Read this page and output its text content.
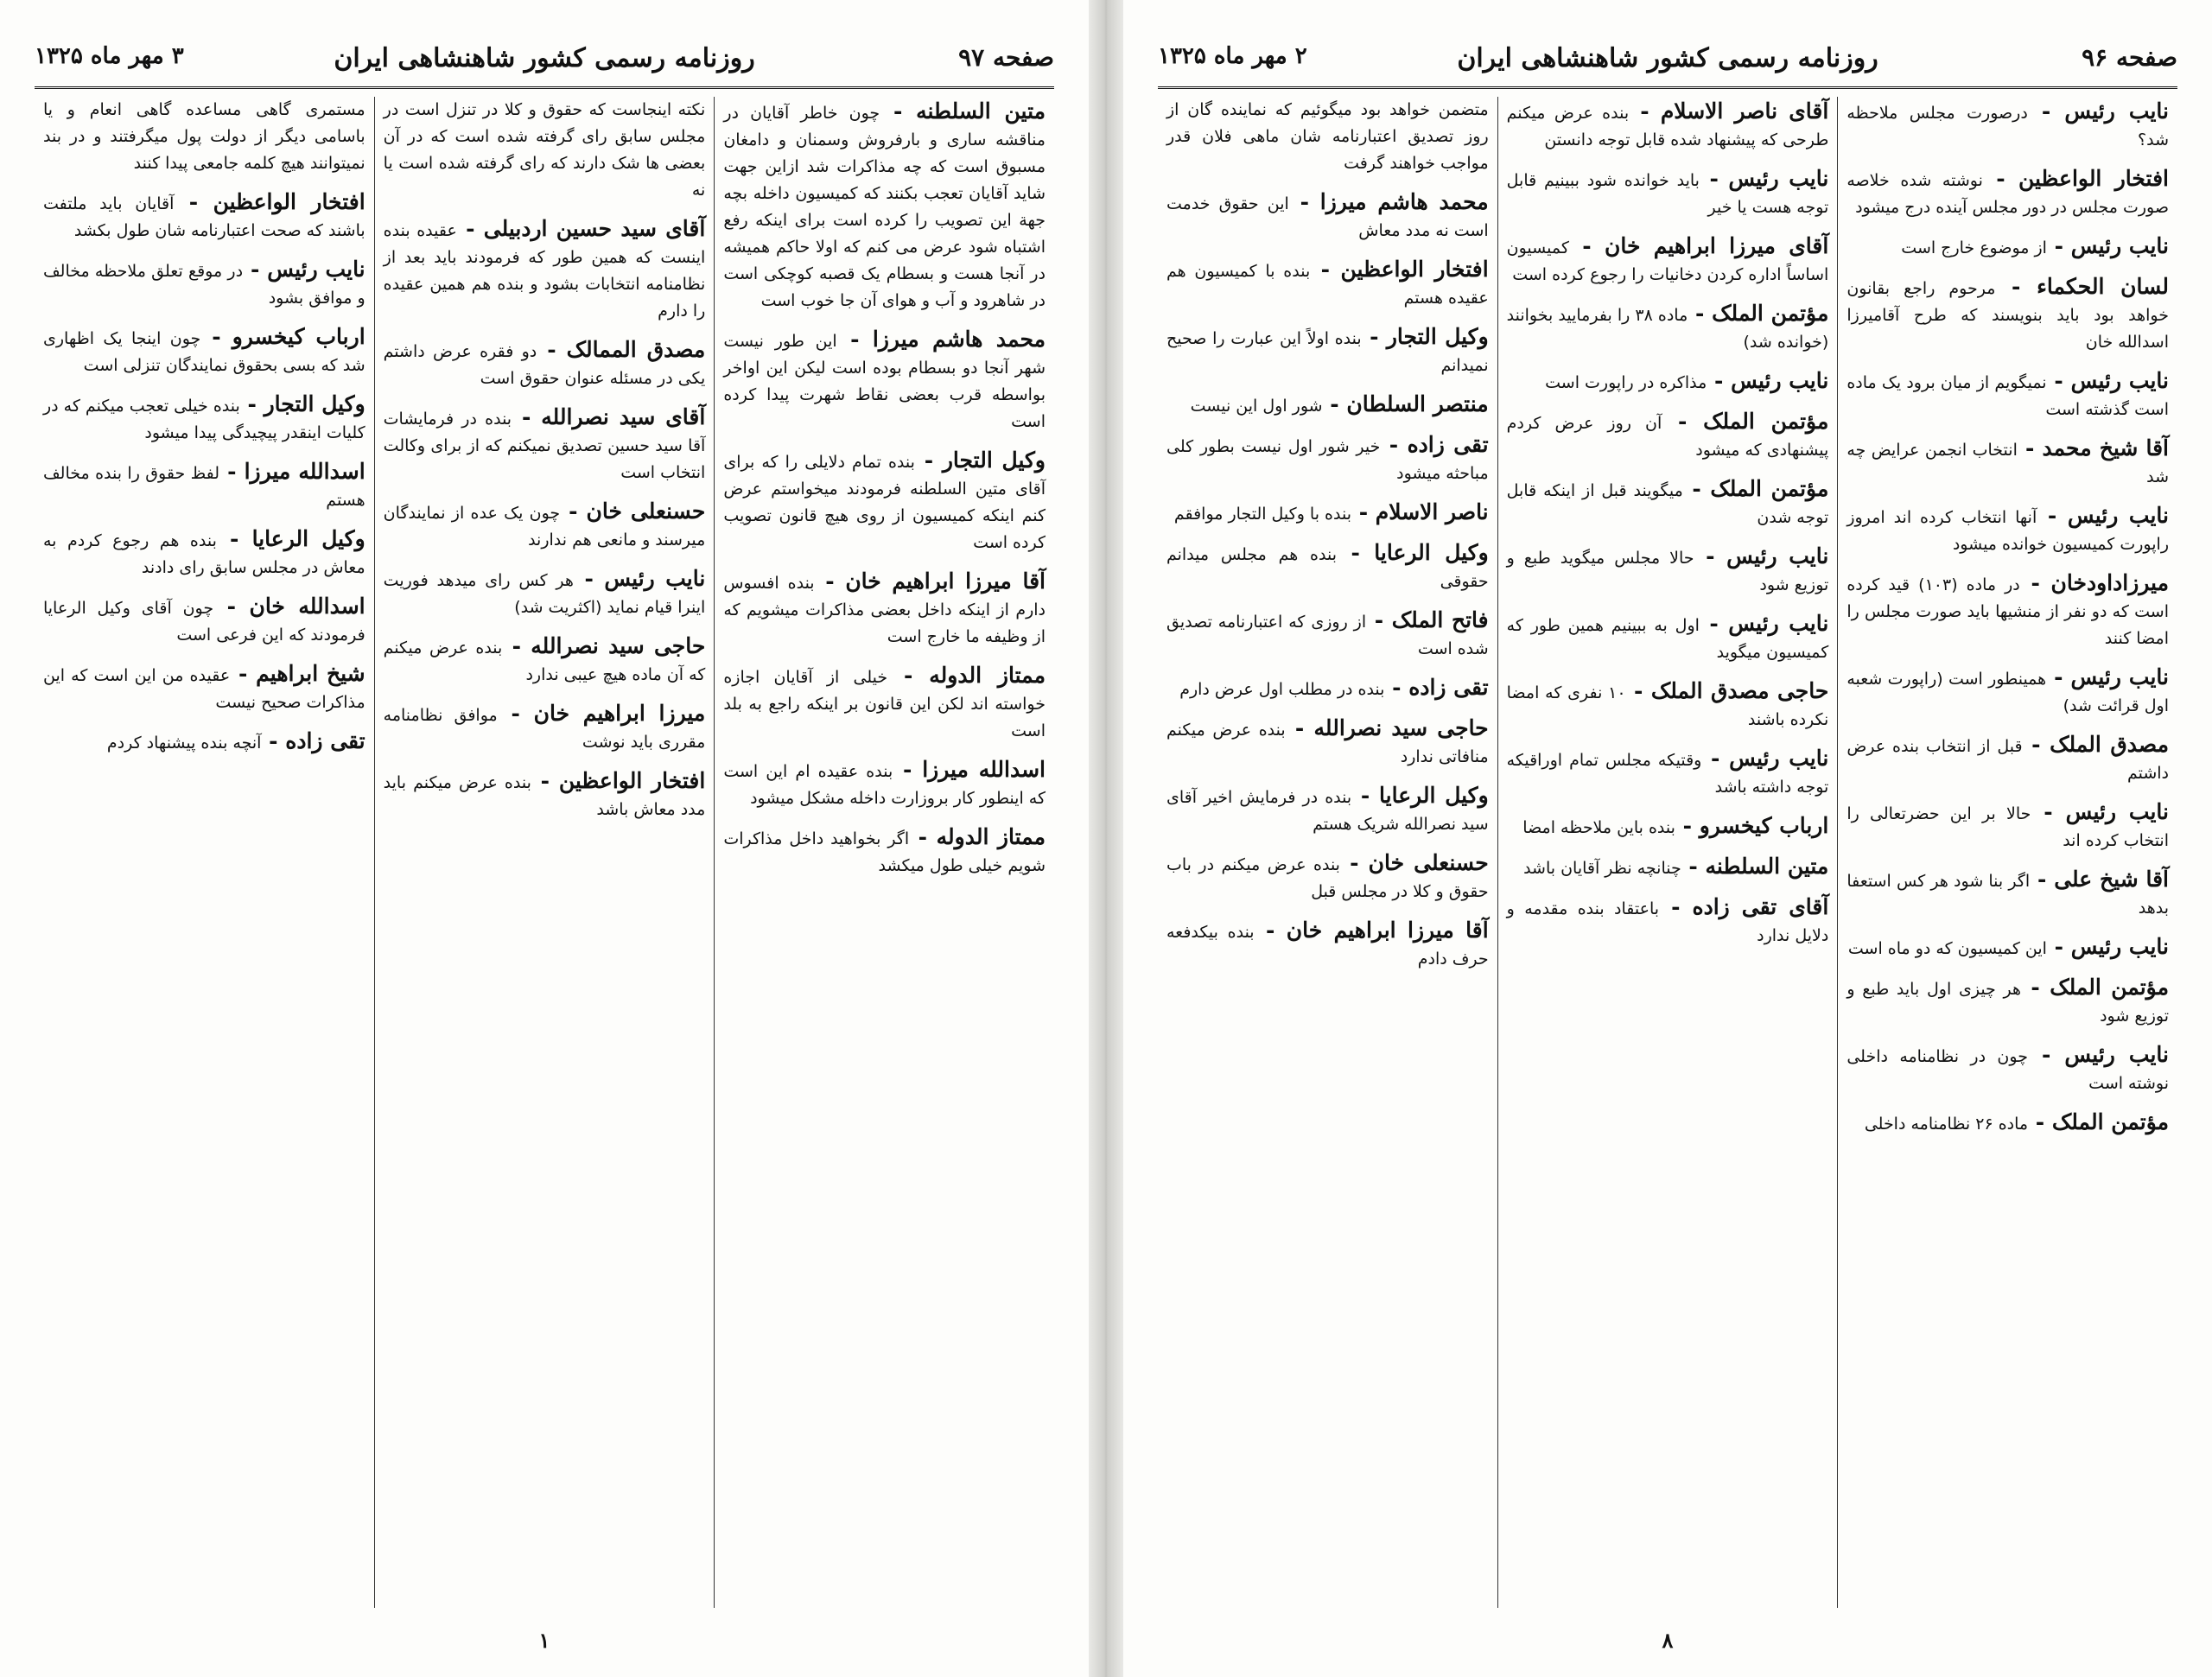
صفحه ۹۷
روزنامه رسمی کشور شاهنشاهی ایران
۳ مهر ماه ۱۳۲۵
متین السلطنه - چون خاطر آقایان در مناقشه ساری و بارفروش وسمنان و دامغان مسبوق است که چه مذاکرات شد ازاین جهت شاید آقایان تعجب بکنند که کمیسیون داخله بچه جهة این تصویب را کرده است برای اینکه رفع اشتباه شود عرض می کنم که اولا حاکم همیشه در آنجا هست و بسطام یک قصبه کوچکی است در شاهرود و آب و هوای آن جا خوب است
محمد هاشم میرزا - این طور نیست شهر آنجا دو بسطام بوده است لیکن این اواخر بواسطه قرب بعضی نقاط شهرت پیدا کرده است
وکیل التجار - بنده تمام دلایلی را که برای آقای متین السلطنه فرمودند میخواستم عرض کنم اینکه کمیسیون از روی هیچ قانون تصویب کرده است
آقا میرزا ابراهیم خان - بنده افسوس دارم از اینکه داخل بعضی مذاکرات میشویم که از وظیفه ما خارج است
ممتاز الدوله - خیلی از آقایان اجازه خواسته اند لکن این قانون بر اینکه راجع به بلد است
اسدالله میرزا - بنده عقیده ام این است که اینطور کار بروزارت داخله مشکل میشود
ممتاز الدوله - اگر بخواهید داخل مذاکرات شویم خیلی طول میکشد
نکته اینجاست که حقوق و کلا در تنزل است در مجلس سابق رای گرفته شده است که در آن بعضی ها شک دارند که رای گرفته شده است یا نه
آقای سید حسین اردبیلی - عقیده بنده اینست که همین طور که فرمودند باید بعد از نظامنامه انتخابات بشود و بنده هم همین عقیده را دارم
مصدق الممالک - دو فقره عرض داشتم یکی در مسئله عنوان حقوق است
آقای سید نصرالله - بنده در فرمایشات آقا سید حسین تصدیق نمیکنم که از برای وکالت انتخاب است
حسنعلی خان - چون یک عده از نمایندگان میرسند و مانعی هم ندارند
نایب رئیس - هر کس رای میدهد فوریت اینرا قیام نماید (اکثریت شد)
حاجی سید نصرالله - بنده عرض میکنم که آن ماده هیچ عیبی ندارد
میرزا ابراهیم خان - موافق نظامنامه مقرری باید نوشت
افتخار الواعظین - بنده عرض میکنم باید مدد معاش باشد
مستمری گاهی مساعده گاهی انعام و یا باسامی دیگر از دولت پول میگرفتند و در بند نمیتوانند هیچ کلمه جامعی پیدا کنند
افتخار الواعظین - آقایان باید ملتفت باشند که صحت اعتبارنامه شان طول بکشد
نایب رئیس - در موقع تعلق ملاحظه مخالف و موافق بشود
ارباب کیخسرو - چون اینجا یک اظهاری شد که بسی بحقوق نمایندگان تنزلی است
وکیل التجار - بنده خیلی تعجب میکنم که در کلیات اینقدر پیچیدگی پیدا میشود
اسدالله میرزا - لفظ حقوق را بنده مخالف هستم
وکیل الرعایا - بنده هم رجوع کردم به معاش در مجلس سابق رای دادند
اسدالله خان - چون آقای وکیل الرعایا فرمودند که این فرعی است
شیخ ابراهیم - عقیده من این است که این مذاکرات صحیح نیست
تقی زاده - آنچه بنده پیشنهاد کردم
۱
صفحه ۹۶
روزنامه رسمی کشور شاهنشاهی ایران
۲ مهر ماه ۱۳۲۵
نایب رئیس - درصورت مجلس ملاحظه شد؟
افتخار الواعظین - نوشته شده خلاصه صورت مجلس در دور مجلس آینده درج میشود
نایب رئیس - از موضوع خارج است
لسان الحکماء - مرحوم راجع بقانون خواهد بود باید بنویسند که طرح آقامیرزا اسدالله خان
نایب رئیس - نمیگویم از میان برود یک ماده است گذشته است
آقا شیخ محمد - انتخاب انجمن عرایض چه شد
نایب رئیس - آنها انتخاب کرده اند امروز راپورت کمیسیون خوانده میشود
میرزاداودخان - در ماده (۱۰۳) قید کرده است که دو نفر از منشیها باید صورت مجلس را امضا کنند
نایب رئیس - همینطور است (راپورت شعبه اول قرائت شد)
مصدق الملک - قبل از انتخاب بنده عرض داشتم
نایب رئیس - حالا بر این حضرتعالی را انتخاب کرده اند
آقا شیخ علی - اگر بنا شود هر کس استعفا بدهد
نایب رئیس - این کمیسیون که دو ماه است
مؤتمن الملک - هر چیزی اول باید طبع و توزیع شود
نایب رئیس - چون در نظامنامه داخلی نوشته است
مؤتمن الملک - ماده ۲۶ نظامنامه داخلی
آقای ناصر الاسلام - بنده عرض میکنم طرحی که پیشنهاد شده قابل توجه دانستن
نایب رئیس - باید خوانده شود ببینیم قابل توجه هست یا خیر
آقای میرزا ابراهیم خان - کمیسیون اساساً اداره کردن دخانیات را رجوع کرده است
مؤتمن الملک - ماده ۳۸ را بفرمایید بخوانند (خوانده شد)
نایب رئیس - مذاکره در راپورت است
مؤتمن الملک - آن روز عرض کردم پیشنهادی که میشود
مؤتمن الملک - میگویند قبل از اینکه قابل توجه شدن
نایب رئیس - حالا مجلس میگوید طبع و توزیع شود
نایب رئیس - اول به ببینیم همین طور که کمیسیون میگوید
حاجی مصدق الملک - ۱۰ نفری که امضا نکرده باشند
نایب رئیس - وقتیکه مجلس تمام اوراقیکه توجه داشته باشد
ارباب کیخسرو - بنده باین ملاحظه امضا
متین السلطنه - چنانچه نظر آقایان باشد
آقای تقی زاده - باعتقاد بنده مقدمه و دلایل ندارد
متضمن خواهد بود میگوئیم که نماینده گان از روز تصدیق اعتبارنامه شان ماهی فلان قدر مواجب خواهند گرفت
محمد هاشم میرزا - این حقوق خدمت است نه مدد معاش
افتخار الواعظین - بنده با کمیسیون هم عقیده هستم
وکیل التجار - بنده اولاً این عبارت را صحیح نمیدانم
منتصر السلطان - شور اول این نیست
تقی زاده - خیر شور اول نیست بطور کلی مباحثه میشود
ناصر الاسلام - بنده با وکیل التجار موافقم
وکیل الرعایا - بنده هم مجلس میدانم حقوقی
فاتح الملک - از روزی که اعتبارنامه تصدیق شده است
تقی زاده - بنده در مطلب اول عرض دارم
حاجی سید نصرالله - بنده عرض میکنم منافاتی ندارد
وکیل الرعایا - بنده در فرمایش اخیر آقای سید نصرالله شریک هستم
حسنعلی خان - بنده عرض میکنم در باب حقوق و کلا در مجلس قبل
آقا میرزا ابراهیم خان - بنده بیکدفعه حرف دادم
۸
